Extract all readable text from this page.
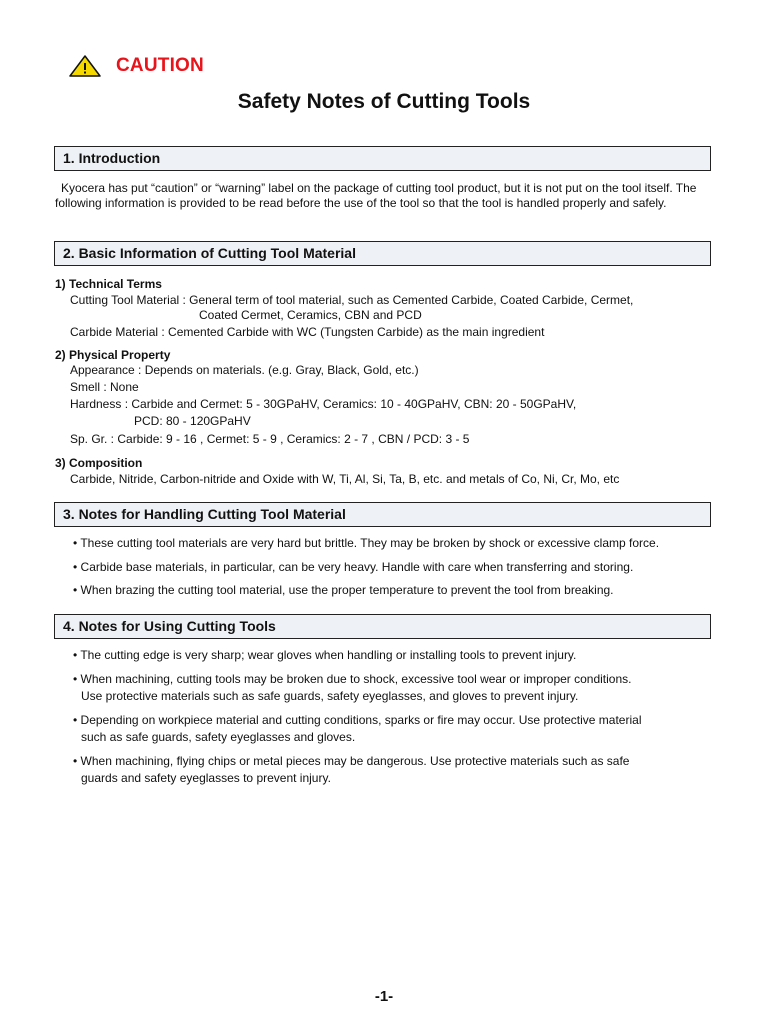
CAUTION
Safety Notes of Cutting Tools
1. Introduction

Kyocera has put “caution” or “warning” label on the package of cutting tool product, but it is not put on the tool itself. The following information is provided to be read before the use of the tool so that the tool is handled properly and safely.

2. Basic Information of Cutting Tool Material

1) Technical Terms

Cutting Tool Material : General term of tool material, such as Cemented Carbide, Coated Carbide, Cermet,

Coated Cermet, Ceramics, CBN and PCD

Carbide Material : Cemented Carbide with WC (Tungsten Carbide) as the main ingredient

2) Physical Property

Appearance : Depends on materials. (e.g. Gray, Black, Gold, etc.)

Smell : None

Hardness : Carbide and Cermet: 5 - 30GPaHV, Ceramics: 10 - 40GPaHV, CBN: 20 - 50GPaHV,

PCD: 80 - 120GPaHV

Sp. Gr. : Carbide: 9 - 16 , Cermet: 5 - 9 , Ceramics: 2 - 7 , CBN / PCD: 3 - 5

3) Composition

Carbide, Nitride, Carbon-nitride and Oxide with W, Ti, Al, Si, Ta, B, etc. and metals of Co, Ni, Cr, Mo, etc

3. Notes for Handling Cutting Tool Material

• These cutting tool materials are very hard but brittle. They may be broken by shock or excessive clamp force.

• Carbide base materials, in particular, can be very heavy. Handle with care when transferring and storing.

• When brazing the cutting tool material, use the proper temperature to prevent the tool from breaking.

4. Notes for Using Cutting Tools

• The cutting edge is very sharp; wear gloves when handling or installing tools to prevent injury.

• When machining, cutting tools may be broken due to shock, excessive tool wear or improper conditions.
Use protective materials such as safe guards, safety eyeglasses, and gloves to prevent injury.

• Depending on workpiece material and cutting conditions, sparks or fire may occur. Use protective material
such as safe guards, safety eyeglasses and gloves.

• When machining, flying chips or metal pieces may be dangerous. Use protective materials such as safe
guards and safety eyeglasses to prevent injury.

-1-
